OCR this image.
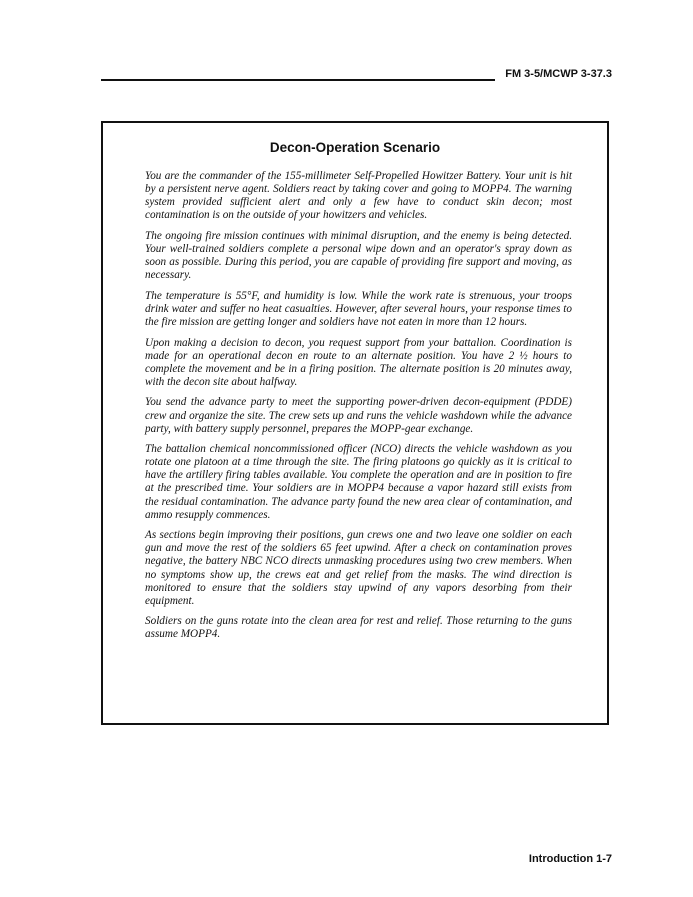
FM 3-5/MCWP 3-37.3
Decon-Operation Scenario

You are the commander of the 155-millimeter Self-Propelled Howitzer Battery. Your unit is hit by a persistent nerve agent. Soldiers react by taking cover and going to MOPP4. The warning system provided sufficient alert and only a few have to conduct skin decon; most contamination is on the outside of your howitzers and vehicles.

The ongoing fire mission continues with minimal disruption, and the enemy is being detected. Your well-trained soldiers complete a personal wipe down and an operator's spray down as soon as possible. During this period, you are capable of providing fire support and moving, as necessary.

The temperature is 55°F, and humidity is low. While the work rate is strenuous, your troops drink water and suffer no heat casualties. However, after several hours, your response times to the fire mission are getting longer and soldiers have not eaten in more than 12 hours.

Upon making a decision to decon, you request support from your battalion. Coordination is made for an operational decon en route to an alternate position. You have 2 ½ hours to complete the movement and be in a firing position. The alternate position is 20 minutes away, with the decon site about halfway.

You send the advance party to meet the supporting power-driven decon-equipment (PDDE) crew and organize the site. The crew sets up and runs the vehicle washdown while the advance party, with battery supply personnel, prepares the MOPP-gear exchange.

The battalion chemical noncommissioned officer (NCO) directs the vehicle washdown as you rotate one platoon at a time through the site. The firing platoons go quickly as it is critical to have the artillery firing tables available. You complete the operation and are in position to fire at the prescribed time. Your soldiers are in MOPP4 because a vapor hazard still exists from the residual contamination. The advance party found the new area clear of contamination, and ammo resupply commences.

As sections begin improving their positions, gun crews one and two leave one soldier on each gun and move the rest of the soldiers 65 feet upwind. After a check on contamination proves negative, the battery NBC NCO directs unmasking procedures using two crew members. When no symptoms show up, the crews eat and get relief from the masks. The wind direction is monitored to ensure that the soldiers stay upwind of any vapors desorbing from their equipment.

Soldiers on the guns rotate into the clean area for rest and relief. Those returning to the guns assume MOPP4.

Introduction 1-7
